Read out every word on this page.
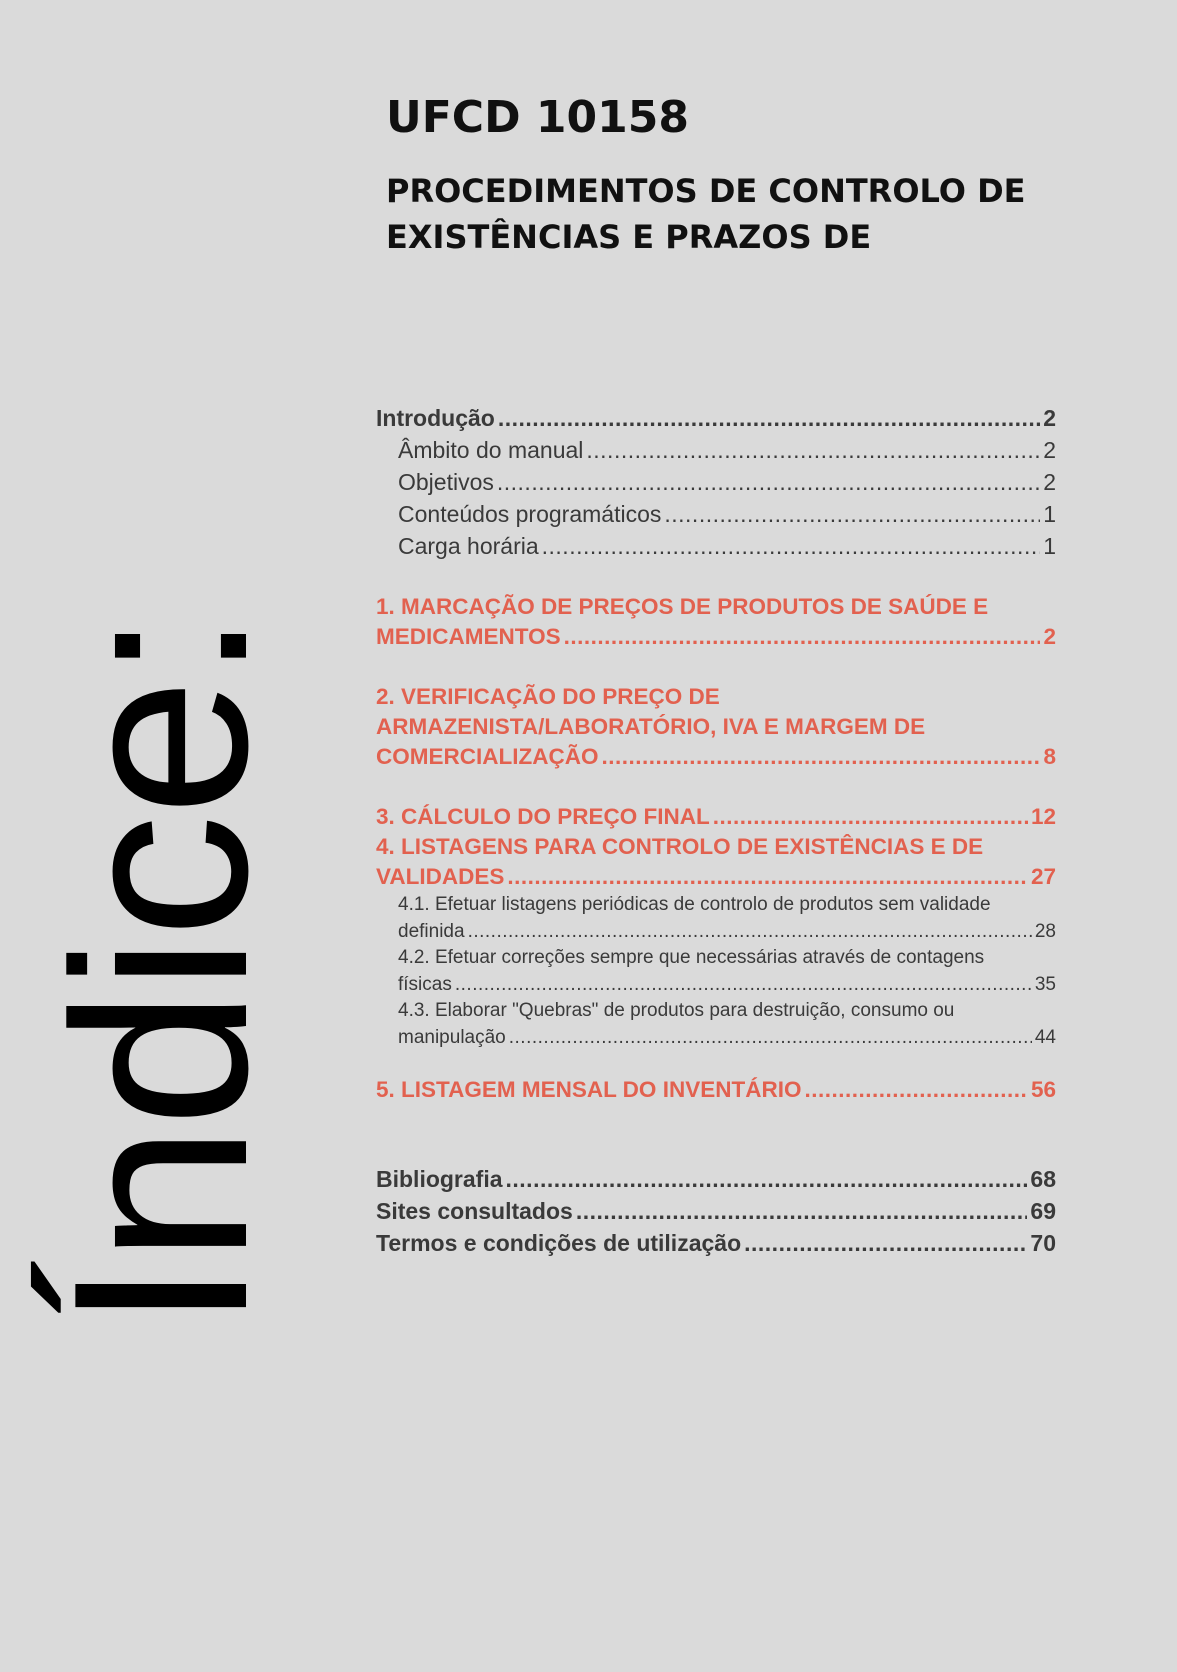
UFCD 10158
PROCEDIMENTOS DE CONTROLO DE
EXISTÊNCIAS E PRAZOS DE
Índice:
Introdução .....	2
Âmbito do manual .....	2
Objetivos .....	2
Conteúdos programáticos .....	1
Carga horária .....	1
1. MARCAÇÃO DE PREÇOS DE PRODUTOS DE SAÚDE E
MEDICAMENTOS .....	2
2. VERIFICAÇÃO DO PREÇO DE
ARMAZENISTA/LABORATÓRIO, IVA E MARGEM DE
COMERCIALIZAÇÃO .....	8
3. CÁLCULO DO PREÇO FINAL .....	12
4. LISTAGENS PARA CONTROLO DE EXISTÊNCIAS E DE
VALIDADES .....	27
4.1. Efetuar listagens periódicas de controlo de produtos sem validade
definida .....	28
4.2. Efetuar correções sempre que necessárias através de contagens
físicas .....	35
4.3. Elaborar "Quebras" de produtos para destruição, consumo ou
manipulação .....	44
5. LISTAGEM MENSAL DO INVENTÁRIO .....	56
Bibliografia .....	68
Sites consultados .....	69
Termos e condições de utilização .....	70
